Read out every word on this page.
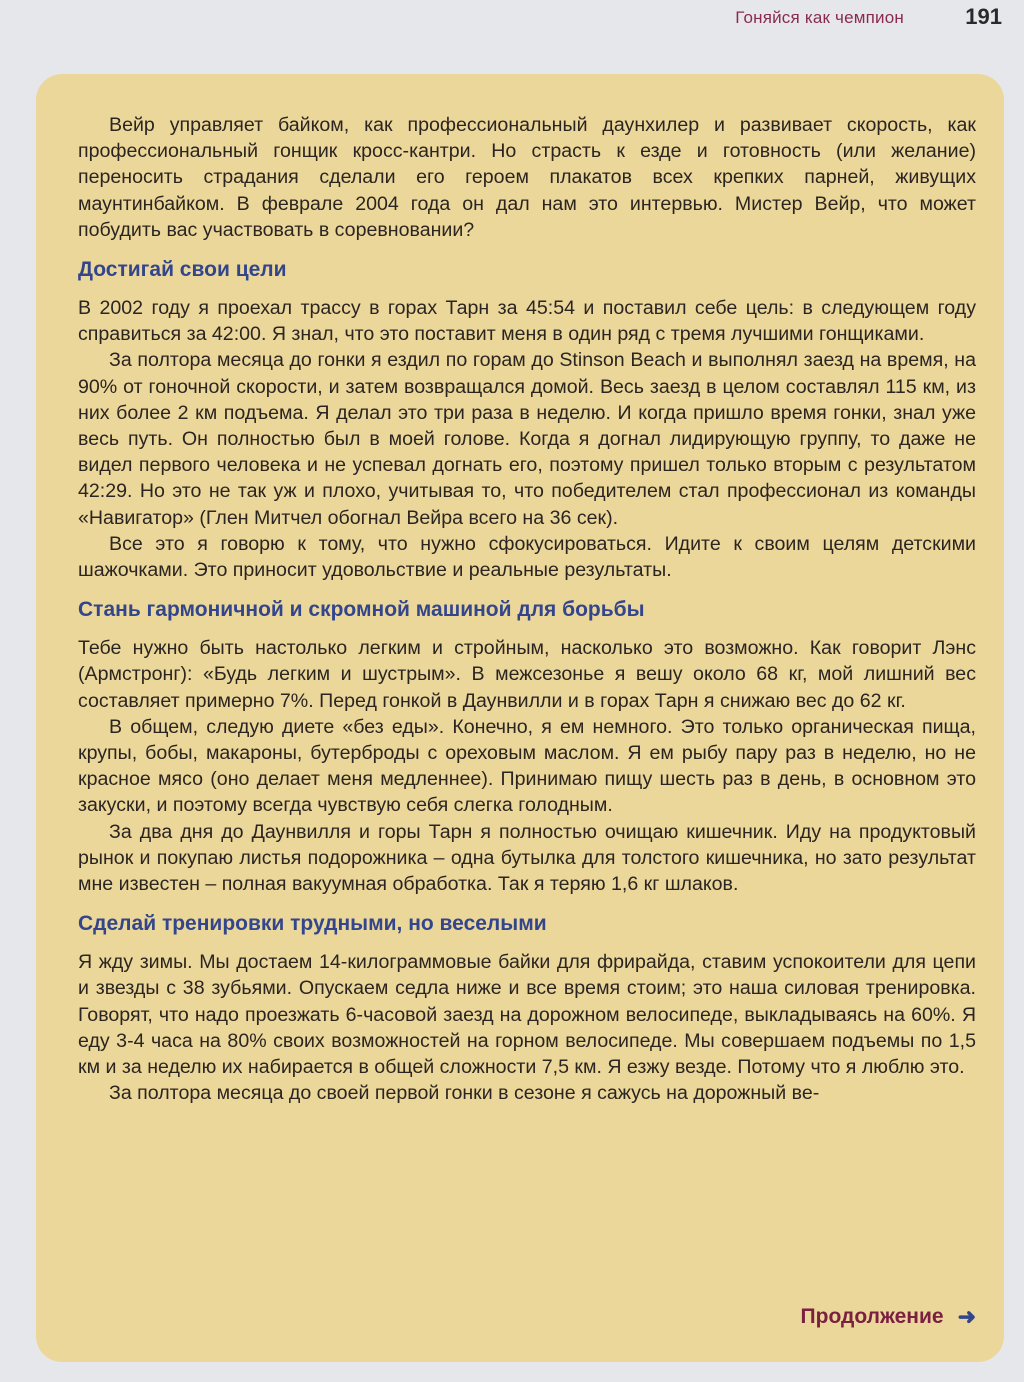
Гоняйся как чемпион	191

Вейр управляет байком, как профессиональный даунхилер и развивает скорость, как профессиональный гонщик кросс-кантри. Но страсть к езде и готовность (или желание) переносить страдания сделали его героем плакатов всех крепких парней, живущих маунтинбайком. В феврале 2004 года он дал нам это интервью. Мистер Вейр, что может побудить вас участвовать в соревновании?

Достигай свои цели

В 2002 году я проехал трассу в горах Тарн за 45:54 и поставил себе цель: в следующем году справиться за 42:00. Я знал, что это поставит меня в один ряд с тремя лучшими гонщиками.

За полтора месяца до гонки я ездил по горам до Stinson Beach и выполнял заезд на время, на 90% от гоночной скорости, и затем возвращался домой. Весь заезд в целом составлял 115 км, из них более 2 км подъема. Я делал это три раза в неделю. И когда пришло время гонки, знал уже весь путь. Он полностью был в моей голове. Когда я догнал лидирующую группу, то даже не видел первого человека и не успевал догнать его, поэтому пришел только вторым с результатом 42:29. Но это не так уж и плохо, учитывая то, что победителем стал профессионал из команды «Навигатор» (Глен Митчел обогнал Вейра всего на 36 сек).

Все это я говорю к тому, что нужно сфокусироваться. Идите к своим целям детскими шажочками. Это приносит удовольствие и реальные результаты.

Стань гармоничной и скромной машиной для борьбы

Тебе нужно быть настолько легким и стройным, насколько это возможно. Как говорит Лэнс (Армстронг): «Будь легким и шустрым». В межсезонье я вешу около 68 кг, мой лишний вес составляет примерно 7%. Перед гонкой в Даунвилли и в горах Тарн я снижаю вес до 62 кг.

В общем, следую диете «без еды». Конечно, я ем немного. Это только органическая пища, крупы, бобы, макароны, бутерброды с ореховым маслом. Я ем рыбу пару раз в неделю, но не красное мясо (оно делает меня медленнее). Принимаю пищу шесть раз в день, в основном это закуски, и поэтому всегда чувствую себя слегка голодным.

За два дня до Даунвилля и горы Тарн я полностью очищаю кишечник. Иду на продуктовый рынок и покупаю листья подорожника – одна бутылка для толстого кишечника, но зато результат мне известен – полная вакуумная обработка. Так я теряю 1,6 кг шлаков.

Сделай тренировки трудными, но веселыми

Я жду зимы. Мы достаем 14-килограммовые байки для фрирайда, ставим успокоители для цепи и звезды с 38 зубьями. Опускаем седла ниже и все время стоим; это наша силовая тренировка. Говорят, что надо проезжать 6-часовой заезд на дорожном велосипеде, выкладываясь на 60%. Я еду 3-4 часа на 80% своих возможностей на горном велосипеде. Мы совершаем подъемы по 1,5 км и за неделю их набирается в общей сложности 7,5 км. Я езжу везде. Потому что я люблю это.

За полтора месяца до своей первой гонки в сезоне я сажусь на дорожный ве-

Продолжение ➜
